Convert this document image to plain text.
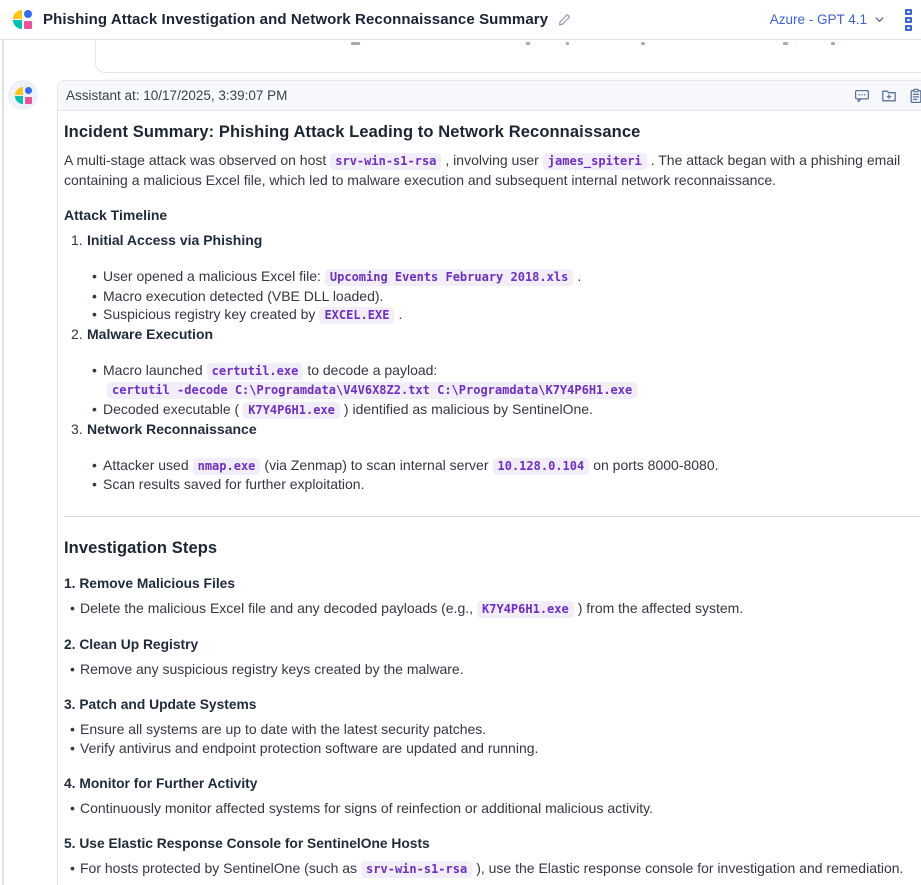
Phishing Attack Investigation and Network Reconnaissance Summary	Azure - GPT 4.1
Assistant at: 10/17/2025, 3:39:07 PM
Incident Summary: Phishing Attack Leading to Network Reconnaissance
A multi-stage attack was observed on host srv-win-s1-rsa , involving user james_spiteri . The attack began with a phishing email containing a malicious Excel file, which led to malware execution and subsequent internal network reconnaissance.
Attack Timeline
1. Initial Access via Phishing
• User opened a malicious Excel file: Upcoming Events February 2018.xls .
• Macro execution detected (VBE DLL loaded).
• Suspicious registry key created by EXCEL.EXE .
2. Malware Execution
• Macro launched certutil.exe to decode a payload:
certutil -decode C:\Programdata\V4V6X8Z2.txt C:\Programdata\K7Y4P6H1.exe
• Decoded executable ( K7Y4P6H1.exe ) identified as malicious by SentinelOne.
3. Network Reconnaissance
• Attacker used nmap.exe (via Zenmap) to scan internal server 10.128.0.104 on ports 8000-8080.
• Scan results saved for further exploitation.
Investigation Steps
1. Remove Malicious Files
• Delete the malicious Excel file and any decoded payloads (e.g., K7Y4P6H1.exe ) from the affected system.
2. Clean Up Registry
• Remove any suspicious registry keys created by the malware.
3. Patch and Update Systems
• Ensure all systems are up to date with the latest security patches.
• Verify antivirus and endpoint protection software are updated and running.
4. Monitor for Further Activity
• Continuously monitor affected systems for signs of reinfection or additional malicious activity.
5. Use Elastic Response Console for SentinelOne Hosts
• For hosts protected by SentinelOne (such as srv-win-s1-rsa ), use the Elastic response console for investigation and remediation.
